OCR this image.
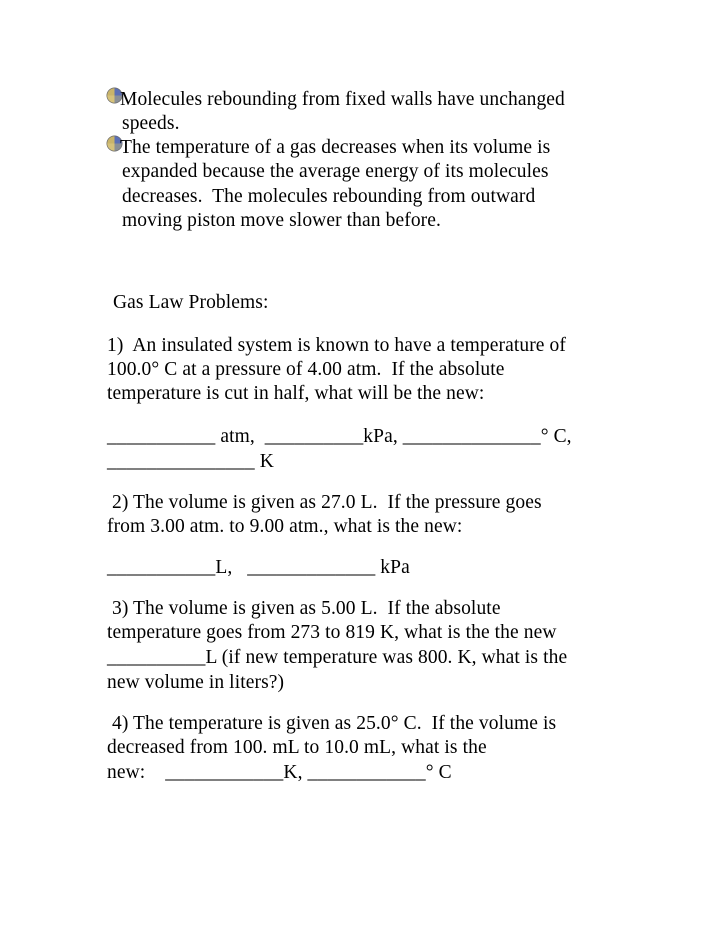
Molecules rebounding from fixed walls have unchanged
speeds.
The temperature of a gas decreases when its volume is
expanded because the average energy of its molecules
decreases.  The molecules rebounding from outward
moving piston move slower than before.
Gas Law Problems:
1)  An insulated system is known to have a temperature of
100.0° C at a pressure of 4.00 atm.  If the absolute
temperature is cut in half, what will be the new:
___________ atm,  __________kPa, ______________° C,
_______________ K
2) The volume is given as 27.0 L.  If the pressure goes
from 3.00 atm. to 9.00 atm., what is the new:
___________L,   _____________ kPa
3) The volume is given as 5.00 L.  If the absolute
temperature goes from 273 to 819 K, what is the the new
__________L (if new temperature was 800. K, what is the
new volume in liters?)
4) The temperature is given as 25.0° C.  If the volume is
decreased from 100. mL to 10.0 mL, what is the
new:    ____________K, ____________° C
